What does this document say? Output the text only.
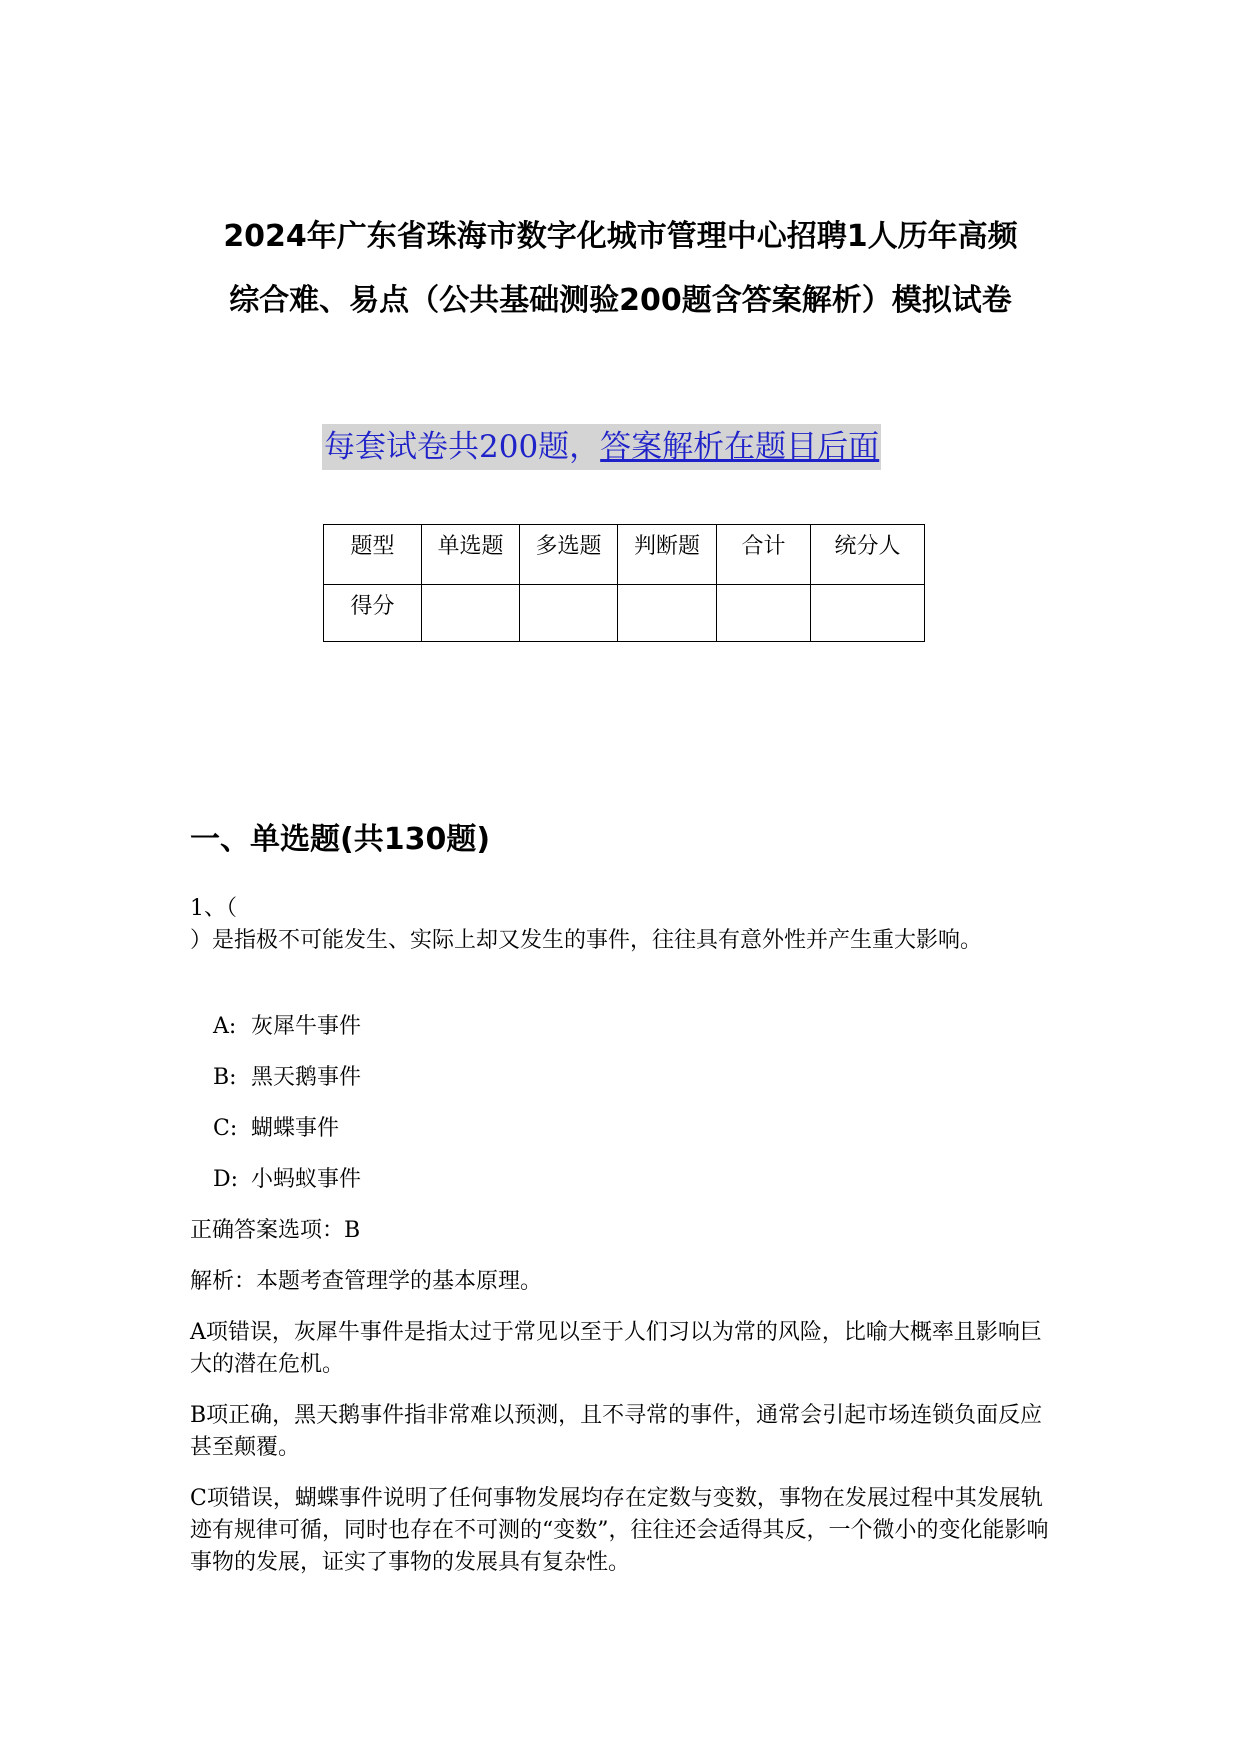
2024年广东省珠海市数字化城市管理中心招聘1人历年高频
综合难、易点（公共基础测验200题含答案解析）模拟试卷
每套试卷共200题，答案解析在题目后面
题型	单选题	多选题	判断题	合计	统分人
得分					
一、单选题(共130题)

1、（

）是指极不可能发生、实际上却又发生的事件，往往具有意外性并产生重大影响。

A: 灰犀牛事件

B: 黑天鹅事件

C: 蝴蝶事件

D: 小蚂蚁事件

正确答案选项：B

解析：本题考查管理学的基本原理。

A项错误，灰犀牛事件是指太过于常见以至于人们习以为常的风险，比喻大概率且影响巨大的潜在危机。

B项正确，黑天鹅事件指非常难以预测，且不寻常的事件，通常会引起市场连锁负面反应甚至颠覆。

C项错误，蝴蝶事件说明了任何事物发展均存在定数与变数，事物在发展过程中其发展轨迹有规律可循，同时也存在不可测的“变数”，往往还会适得其反，一个微小的变化能影响事物的发展，证实了事物的发展具有复杂性。
